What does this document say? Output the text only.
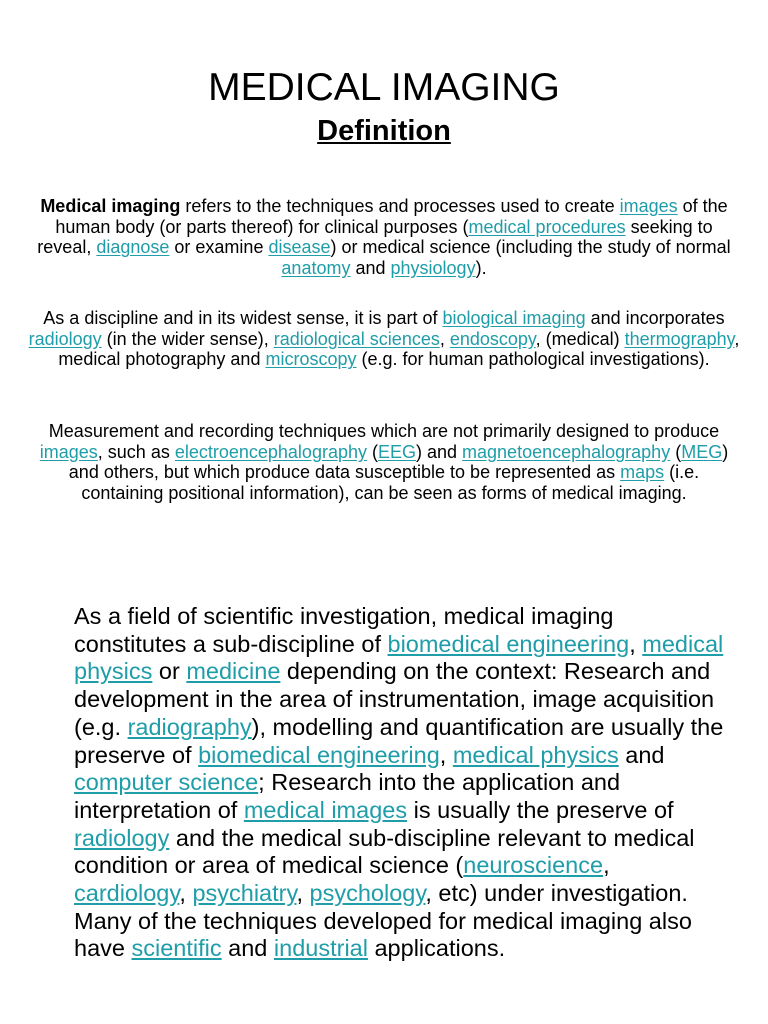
MEDICAL IMAGING
Definition

Medical imaging refers to the techniques and processes used to create images of the human body (or parts thereof) for clinical purposes (medical procedures seeking to reveal, diagnose or examine disease) or medical science (including the study of normal anatomy and physiology).

As a discipline and in its widest sense, it is part of biological imaging and incorporates radiology (in the wider sense), radiological sciences, endoscopy, (medical) thermography, medical photography and microscopy (e.g. for human pathological investigations).

Measurement and recording techniques which are not primarily designed to produce images, such as electroencephalography (EEG) and magnetoencephalography (MEG) and others, but which produce data susceptible to be represented as maps (i.e. containing positional information), can be seen as forms of medical imaging.

As a field of scientific investigation, medical imaging constitutes a sub-discipline of biomedical engineering, medical physics or medicine depending on the context: Research and development in the area of instrumentation, image acquisition (e.g. radiography), modelling and quantification are usually the preserve of biomedical engineering, medical physics and computer science; Research into the application and interpretation of medical images is usually the preserve of radiology and the medical sub-discipline relevant to medical condition or area of medical science (neuroscience, cardiology, psychiatry, psychology, etc) under investigation. Many of the techniques developed for medical imaging also have scientific and industrial applications.
